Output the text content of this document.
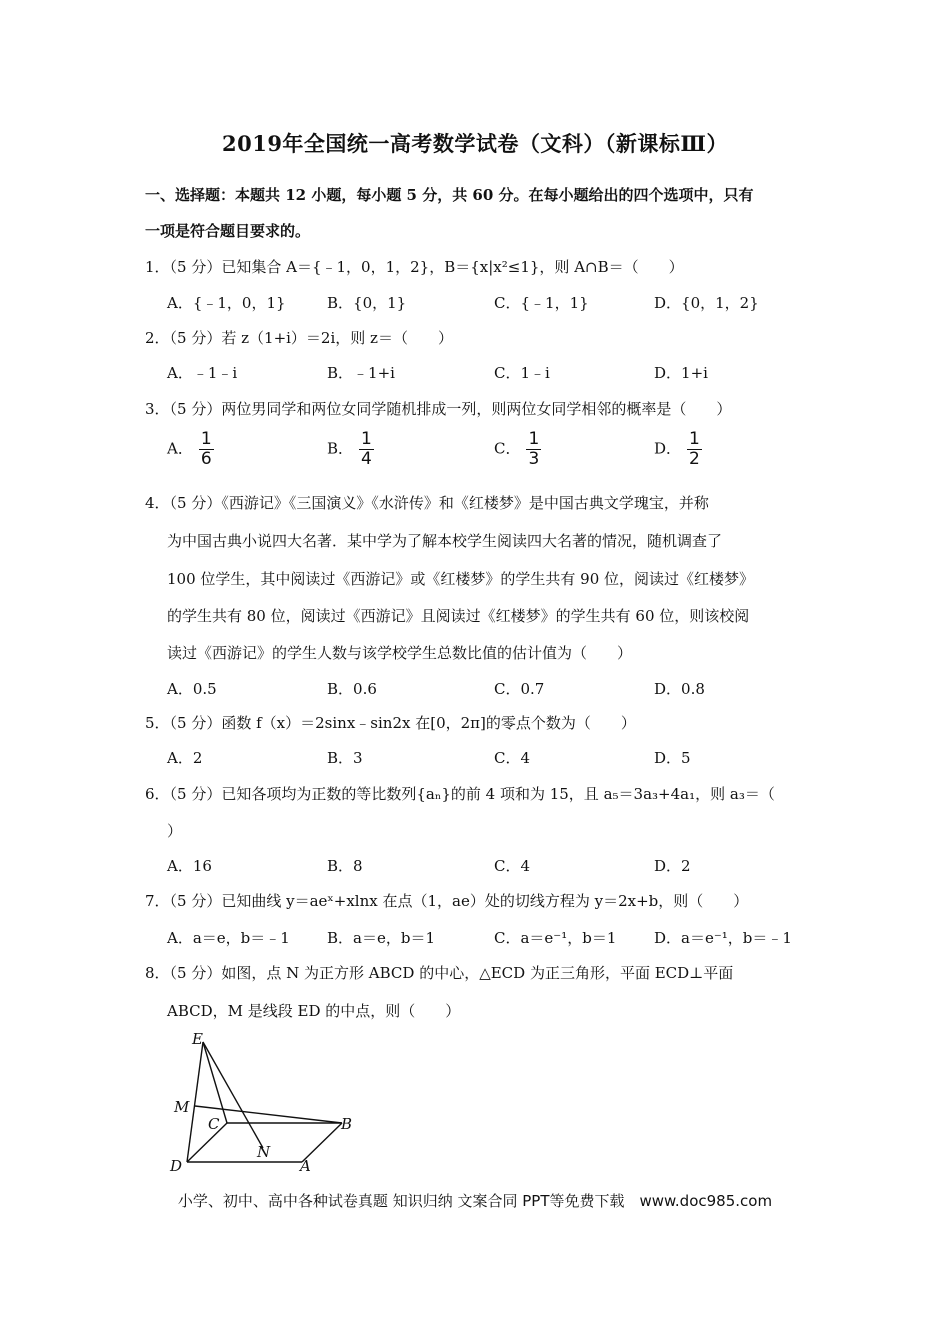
2019年全国统一高考数学试卷（文科）（新课标Ⅲ）
一、选择题：本题共 12 小题，每小题 5 分，共 60 分。在每小题给出的四个选项中，只有
一项是符合题目要求的。
1．（5 分）已知集合 A＝{﹣1，0，1，2}，B＝{x|x²≤1}，则 A∩B＝（　　）
A．{﹣1，0，1}	B．{0，1}	C．{﹣1，1}	D．{0，1，2}
2．（5 分）若 z（1+i）＝2i，则 z＝（　　）
A．﹣1﹣i	B．﹣1+i	C．1﹣i	D．1+i
3．（5 分）两位男同学和两位女同学随机排成一列，则两位女同学相邻的概率是（　　）
A． $\frac{1}{6}$	B． $\frac{1}{4}$	C． $\frac{1}{3}$	D． $\frac{1}{2}$
4．（5 分）《西游记》《三国演义》《水浒传》和《红楼梦》是中国古典文学瑰宝，并称
为中国古典小说四大名著．某中学为了解本校学生阅读四大名著的情况，随机调查了
100 位学生，其中阅读过《西游记》或《红楼梦》的学生共有 90 位，阅读过《红楼梦》
的学生共有 80 位，阅读过《西游记》且阅读过《红楼梦》的学生共有 60 位，则该校阅
读过《西游记》的学生人数与该学校学生总数比值的估计值为（　　）
A．0.5	B．0.6	C．0.7	D．0.8
5．（5 分）函数 f（x）＝2sinx﹣sin2x 在[0，2π]的零点个数为（　　）
A．2	B．3	C．4	D．5
6．（5 分）已知各项均为正数的等比数列{aₙ}的前 4 项和为 15，且 a₅＝3a₃+4a₁，则 a₃＝（
）
A．16	B．8	C．4	D．2
7．（5 分）已知曲线 y＝aeˣ+xlnx 在点（1，ae）处的切线方程为 y＝2x+b，则（　　）
A．a＝e，b＝﹣1 B．a＝e，b＝1	C．a＝e⁻¹，b＝1	D．a＝e⁻¹，b＝﹣1
8．（5 分）如图，点 N 为正方形 ABCD 的中心，△ECD 为正三角形，平面 ECD⊥平面
ABCD，M 是线段 ED 的中点，则（　　）
E
M
C	B
N
D	A
小学、初中、高中各种试卷真题 知识归纳 文案合同 PPT等免费下载　www.doc985.com
